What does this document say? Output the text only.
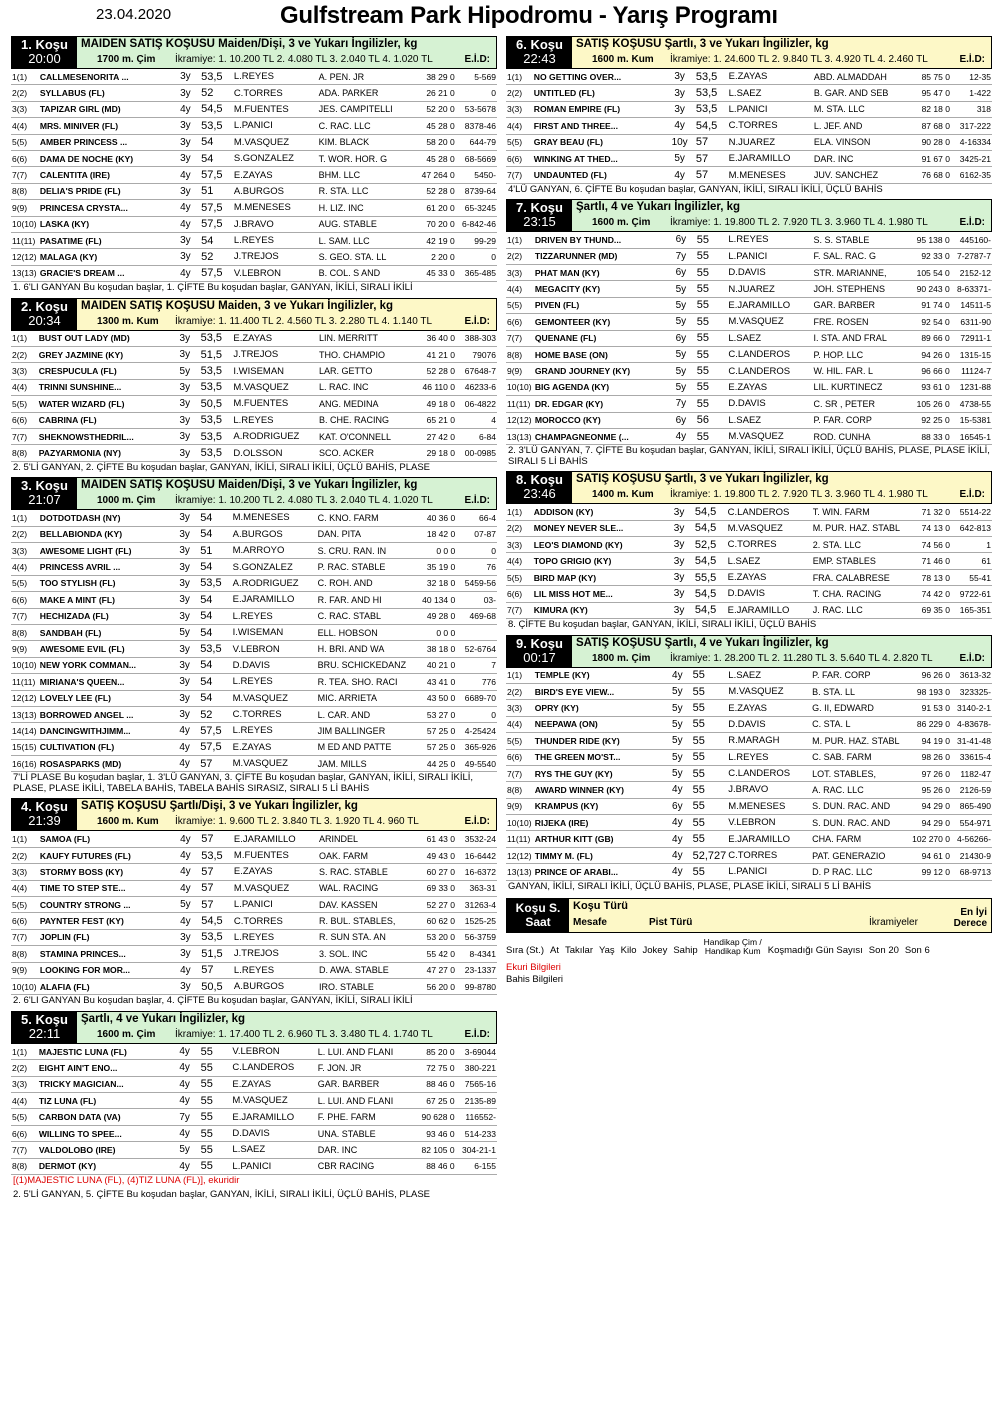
23.04.2020	Gulfstream Park Hipodromu - Yarış Programı
1. Koşu
20:00
MAIDEN SATIŞ KOŞUSU Maiden/Dişi, 3 ve Yukarı İngilizler, kg
1700 m. Çim İkramiye: 1. 10.200 TL 2. 4.080 TL 3. 2.040 TL 4. 1.020 TL	E.İ.D:
1(1)	CALLMESENORITA ...	3y	53,5	L.REYES	A. PEN. JR	38 29 0	5-569
2(2)	SYLLABUS (FL)	3y	52	C.TORRES	ADA. PARKER	26 21 0	0
3(3)	TAPIZAR GIRL (MD)	4y	54,5	M.FUENTES	JES. CAMPITELLI	52 20 0	53-5678
4(4)	MRS. MINIVER (FL)	3y	53,5	L.PANICI	C. RAC. LLC	45 28 0	8378-46
5(5)	AMBER PRINCESS ...	3y	54	M.VASQUEZ	KIM. BLACK	58 20 0	644-79
6(6)	DAMA DE NOCHE (KY)	3y	54	S.GONZALEZ	T. WOR. HOR. G	45 28 0	68-5669
7(7)	CALENTITA (IRE)	4y	57,5	E.ZAYAS	BHM. LLC	47 264 0	5450-
8(8)	DELIA'S PRIDE (FL)	3y	51	A.BURGOS	R. STA. LLC	52 28 0	8739-64
9(9)	PRINCESA CRYSTA...	4y	57,5	M.MENESES	H. LIZ. INC	61 20 0	65-3245
10(10)	LASKA (KY)	4y	57,5	J.BRAVO	AUG. STABLE	70 20 0	6-842-46
11(11)	PASATIME (FL)	3y	54	L.REYES	L. SAM. LLC	42 19 0	99-29
12(12)	MALAGA (KY)	3y	52	J.TREJOS	S. GEO. STA. LL	2 20 0	0
13(13)	GRACIE'S DREAM ...	4y	57,5	V.LEBRON	B. COL. S AND	45 33 0	365-485
1. 6'LI GANYAN Bu koşudan başlar, 1. ÇİFTE Bu koşudan başlar, GANYAN, İKİLİ, SIRALI İKİLİ
2. Koşu
20:34
MAIDEN SATIŞ KOŞUSU Maiden, 3 ve Yukarı İngilizler, kg
1300 m. Kum İkramiye: 1. 11.400 TL 2. 4.560 TL 3. 2.280 TL 4. 1.140 TL	E.İ.D:
1(1)	BUST OUT LADY (MD)	3y	53,5	E.ZAYAS	LIN. MERRITT	36 40 0	388-303
2(2)	GREY JAZMINE (KY)	3y	51,5	J.TREJOS	THO. CHAMPIO	41 21 0	79076
3(3)	CRESPUCULA (FL)	5y	53,5	I.WISEMAN	LAR. GETTO	52 28 0	67648-7
4(4)	TRINNI SUNSHINE...	3y	53,5	M.VASQUEZ	L. RAC. INC	46 110 0	46233-6
5(5)	WATER WIZARD (FL)	3y	50,5	M.FUENTES	ANG. MEDINA	49 18 0	06-4822
6(6)	CABRINA (FL)	3y	53,5	L.REYES	B. CHE. RACING	65 21 0	4
7(7)	SHEKNOWSTHEDRIL...	3y	53,5	A.RODRIGUEZ	KAT. O'CONNELL	27 42 0	6-84
8(8)	PAZYARMONIA (NY)	3y	53,5	D.OLSSON	SCO. ACKER	29 18 0	00-0985
2. 5'Lİ GANYAN, 2. ÇİFTE Bu koşudan başlar, GANYAN, İKİLİ, SIRALI İKİLİ, ÜÇLÜ BAHİS, PLASE
3. Koşu
21:07
MAIDEN SATIŞ KOŞUSU Maiden/Dişi, 3 ve Yukarı İngilizler, kg
1000 m. Çim İkramiye: 1. 10.200 TL 2. 4.080 TL 3. 2.040 TL 4. 1.020 TL	E.İ.D:
1(1)	DOTDOTDASH (NY)	3y	54	M.MENESES	C. KNO. FARM	40 36 0	66-4
2(2)	BELLABIONDA (KY)	3y	54	A.BURGOS	DAN. PITA	18 42 0	07-87
3(3)	AWESOME LIGHT (FL)	3y	51	M.ARROYO	S. CRU. RAN. IN	0 0 0	0
4(4)	PRINCESS AVRIL ...	3y	54	S.GONZALEZ	P. RAC. STABLE	35 19 0	76
5(5)	TOO STYLISH (FL)	3y	53,5	A.RODRIGUEZ	C. ROH. AND	32 18 0	5459-56
6(6)	MAKE A MINT (FL)	3y	54	E.JARAMILLO	R. FAR. AND HI	40 134 0	03-
7(7)	HECHIZADA (FL)	3y	54	L.REYES	C. RAC. STABL	49 28 0	469-68
8(8)	SANDBAH (FL)	5y	54	I.WISEMAN	ELL. HOBSON	0 0 0	
9(9)	AWESOME EVIL (FL)	3y	53,5	V.LEBRON	H. BRI. AND WA	38 18 0	52-6764
10(10)	NEW YORK COMMAN...	3y	54	D.DAVIS	BRU. SCHICKEDANZ	40 21 0	7
11(11)	MIRIANA'S QUEEN...	3y	54	L.REYES	R. TEA. SHO. RACI	43 41 0	776
12(12)	LOVELY LEE (FL)	3y	54	M.VASQUEZ	MIC. ARRIETA	43 50 0	6689-70
13(13)	BORROWED ANGEL ...	3y	52	C.TORRES	L. CAR. AND	53 27 0	0
14(14)	DANCINGWITHJIMM...	4y	57,5	L.REYES	JIM BALLINGER	57 25 0	4-25424
15(15)	CULTIVATION (FL)	4y	57,5	E.ZAYAS	M ED AND PATTE	57 25 0	365-926
16(16)	ROSASPARKS (MD)	4y	57	M.VASQUEZ	JAM. MILLS	44 25 0	49-5540
7'Lİ PLASE Bu koşudan başlar, 1. 3'LÜ GANYAN, 3. ÇİFTE Bu koşudan başlar, GANYAN, İKİLİ, SIRALI İKİLİ, PLASE, PLASE İKİLİ, TABELA BAHİS, TABELA BAHİS SIRASIZ, SIRALI 5 Lİ BAHİS
4. Koşu
21:39
SATIŞ KOŞUSU Şartlı/Dişi, 3 ve Yukarı İngilizler, kg
1600 m. Kum İkramiye: 1. 9.600 TL 2. 3.840 TL 3. 1.920 TL 4. 960 TL	E.İ.D:
1(1)	SAMOA (FL)	4y	57	E.JARAMILLO	ARINDEL	61 43 0	3532-24
2(2)	KAUFY FUTURES (FL)	4y	53,5	M.FUENTES	OAK. FARM	49 43 0	16-6442
3(3)	STORMY BOSS (KY)	4y	57	E.ZAYAS	S. RAC. STABLE	60 27 0	16-6372
4(4)	TIME TO STEP STE...	4y	57	M.VASQUEZ	WAL. RACING	69 33 0	363-31
5(5)	COUNTRY STRONG ...	5y	57	L.PANICI	DAV. KASSEN	52 27 0	31263-4
6(6)	PAYNTER FEST (KY)	4y	54,5	C.TORRES	R. BUL. STABLES,	60 62 0	1525-25
7(7)	JOPLIN (FL)	3y	53,5	L.REYES	R. SUN STA. AN	53 20 0	56-3759
8(8)	STAMINA PRINCES...	3y	51,5	J.TREJOS	3. SOL. INC	55 42 0	8-4341
9(9)	LOOKING FOR MOR...	4y	57	L.REYES	D. AWA. STABLE	47 27 0	23-1337
10(10)	ALAFIA (FL)	3y	50,5	A.BURGOS	IRO. STABLE	56 20 0	99-8780
2. 6'LI GANYAN Bu koşudan başlar, 4. ÇİFTE Bu koşudan başlar, GANYAN, İKİLİ, SIRALI İKİLİ
5. Koşu
22:11
Şartlı, 4 ve Yukarı İngilizler, kg
1600 m. Çim İkramiye: 1. 17.400 TL 2. 6.960 TL 3. 3.480 TL 4. 1.740 TL	E.İ.D:
1(1)	MAJESTIC LUNA (FL)	4y	55	V.LEBRON	L. LUI. AND FLANI	85 20 0	3-69044
2(2)	EIGHT AIN'T ENO...	4y	55	C.LANDEROS	F. JON. JR	72 75 0	380-221
3(3)	TRICKY MAGICIAN...	4y	55	E.ZAYAS	GAR. BARBER	88 46 0	7565-16
4(4)	TIZ LUNA (FL)	4y	55	M.VASQUEZ	L. LUI. AND FLANI	67 25 0	2135-89
5(5)	CARBON DATA (VA)	7y	55	E.JARAMILLO	F. PHE. FARM	90 628 0	116552-
6(6)	WILLING TO SPEE...	4y	55	D.DAVIS	UNA. STABLE	93 46 0	514-233
7(7)	VALDOLOBO (IRE)	5y	55	L.SAEZ	DAR. INC	82 105 0	304-21-1
8(8)	DERMOT (KY)	4y	55	L.PANICI	CBR RACING	88 46 0	6-155
[(1)MAJESTIC LUNA (FL), (4)TIZ LUNA (FL)], ekuridir
2. 5'Lİ GANYAN, 5. ÇİFTE Bu koşudan başlar, GANYAN, İKİLİ, SIRALI İKİLİ, ÜÇLÜ BAHİS, PLASE
6. Koşu
22:43
SATIŞ KOŞUSU Şartlı, 3 ve Yukarı İngilizler, kg
1600 m. Kum İkramiye: 1. 24.600 TL 2. 9.840 TL 3. 4.920 TL 4. 2.460 TL	E.İ.D:
1(1)	NO GETTING OVER...	3y	53,5	E.ZAYAS	ABD. ALMADDAH	85 75 0	12-35
2(2)	UNTITLED (FL)	3y	53,5	L.SAEZ	B. GAR. AND SEB	95 47 0	1-422
3(3)	ROMAN EMPIRE (FL)	3y	53,5	L.PANICI	M. STA. LLC	82 18 0	318
4(4)	FIRST AND THREE...	4y	54,5	C.TORRES	L. JEF. AND	87 68 0	317-222
5(5)	GRAY BEAU (FL)	10y	57	N.JUAREZ	ELA. VINSON	90 28 0	4-16334
6(6)	WINKING AT THED...	5y	57	E.JARAMILLO	DAR. INC	91 67 0	3425-21
7(7)	UNDAUNTED (FL)	4y	57	M.MENESES	JUV. SANCHEZ	76 68 0	6162-35
4'LÜ GANYAN, 6. ÇİFTE Bu koşudan başlar, GANYAN, İKİLİ, SIRALI İKİLİ, ÜÇLÜ BAHİS
7. Koşu
23:15
Şartlı, 4 ve Yukarı İngilizler, kg
1600 m. Çim İkramiye: 1. 19.800 TL 2. 7.920 TL 3. 3.960 TL 4. 1.980 TL	E.İ.D:
1(1)	DRIVEN BY THUND...	6y	55	L.REYES	S. S. STABLE	95 138 0	445160-
2(2)	TIZZARUNNER (MD)	7y	55	L.PANICI	F. SAL. RAC. G	92 33 0	7-2787-7
3(3)	PHAT MAN (KY)	6y	55	D.DAVIS	STR. MARIANNE,	105 54 0	2152-12
4(4)	MEGACITY (KY)	5y	55	N.JUAREZ	JOH. STEPHENS	90 243 0	8-63371-
5(5)	PIVEN (FL)	5y	55	E.JARAMILLO	GAR. BARBER	91 74 0	14511-5
6(6)	GEMONTEER (KY)	5y	55	M.VASQUEZ	FRE. ROSEN	92 54 0	6311-90
7(7)	QUENANE (FL)	6y	55	L.SAEZ	I. STA. AND FRAL	89 66 0	72911-1
8(8)	HOME BASE (ON)	5y	55	C.LANDEROS	P. HOP. LLC	94 26 0	1315-15
9(9)	GRAND JOURNEY (KY)	5y	55	C.LANDEROS	W. HIL. FAR. L	96 66 0	11124-7
10(10)	BIG AGENDA (KY)	5y	55	E.ZAYAS	LIL. KURTINECZ	93 61 0	1231-88
11(11)	DR. EDGAR (KY)	7y	55	D.DAVIS	C. SR , PETER	105 26 0	4738-55
12(12)	MOROCCO (KY)	6y	56	L.SAEZ	P. FAR. CORP	92 25 0	15-5381
13(13)	CHAMPAGNEONME (...	4y	55	M.VASQUEZ	ROD. CUNHA	88 33 0	16545-1
2. 3'LÜ GANYAN, 7. ÇİFTE Bu koşudan başlar, GANYAN, İKİLİ, SIRALI İKİLİ, ÜÇLÜ BAHİS, PLASE, PLASE İKİLİ, SIRALI 5 Lİ BAHİS
8. Koşu
23:46
SATIŞ KOŞUSU Şartlı, 3 ve Yukarı İngilizler, kg
1400 m. Kum İkramiye: 1. 19.800 TL 2. 7.920 TL 3. 3.960 TL 4. 1.980 TL	E.İ.D:
1(1)	ADDISON (KY)	3y	54,5	C.LANDEROS	T. WIN. FARM	71 32 0	5514-22
2(2)	MONEY NEVER SLE...	3y	54,5	M.VASQUEZ	M. PUR. HAZ. STABL	74 13 0	642-813
3(3)	LEO'S DIAMOND (KY)	3y	52,5	C.TORRES	2. STA. LLC	74 56 0	1
4(4)	TOPO GRIGIO (KY)	3y	54,5	L.SAEZ	EMP. STABLES	71 46 0	61
5(5)	BIRD MAP (KY)	3y	55,5	E.ZAYAS	FRA. CALABRESE	78 13 0	55-41
6(6)	LIL MISS HOT ME...	3y	54,5	D.DAVIS	T. CHA. RACING	74 42 0	9722-61
7(7)	KIMURA (KY)	3y	54,5	E.JARAMILLO	J. RAC. LLC	69 35 0	165-351
8. ÇİFTE Bu koşudan başlar, GANYAN, İKİLİ, SIRALI İKİLİ, ÜÇLÜ BAHİS
9. Koşu
00:17
SATIŞ KOŞUSU Şartlı, 4 ve Yukarı İngilizler, kg
1800 m. Çim İkramiye: 1. 28.200 TL 2. 11.280 TL 3. 5.640 TL 4. 2.820 TL	E.İ.D:
1(1)	TEMPLE (KY)	4y	55	L.SAEZ	P. FAR. CORP	96 26 0	3613-32
2(2)	BIRD'S EYE VIEW...	5y	55	M.VASQUEZ	B. STA. LL	98 193 0	323325-
3(3)	OPRY (KY)	5y	55	E.ZAYAS	G. II, EDWARD	91 53 0	3140-2-1
4(4)	NEEPAWA (ON)	5y	55	D.DAVIS	C. STA. L	86 229 0	4-83678-
5(5)	THUNDER RIDE (KY)	5y	55	R.MARAGH	M. PUR. HAZ. STABL	94 19 0	31-41-48
6(6)	THE GREEN MO'ST...	5y	55	L.REYES	C. SAB. FARM	98 26 0	33615-4
7(7)	RYS THE GUY (KY)	5y	55	C.LANDEROS	LOT. STABLES,	97 26 0	1182-47
8(8)	AWARD WINNER (KY)	4y	55	J.BRAVO	A. RAC. LLC	95 26 0	2126-59
9(9)	KRAMPUS (KY)	6y	55	M.MENESES	S. DUN. RAC. AND	94 29 0	865-490
10(10)	RIJEKA (IRE)	4y	55	V.LEBRON	S. DUN. RAC. AND	94 29 0	554-971
11(11)	ARTHUR KITT (GB)	4y	55	E.JARAMILLO	CHA. FARM	102 270 0	4-56266-
12(12)	TIMMY M. (FL)	4y	52,727	C.TORRES	PAT. GENERAZIO	94 61 0	21430-9
13(13)	PRINCE OF ARABI...	4y	55	L.PANICI	D. P RAC. LLC	99 12 0	68-9713
GANYAN, İKİLİ, SIRALI İKİLİ, ÜÇLÜ BAHİS, PLASE, PLASE İKİLİ, SIRALI 5 Lİ BAHİS
Koşu S.
Saat
Koşu Türü
Mesafe	Pist Türü	İkramiyeler
En İyi
Derece
Sıra (St.) At Takılar Yaş Kilo Jokey Sahip
Handikap Çim /
Handikap Kum Koşmadığı Gün Sayısı Son 20 Son 6
Ekuri Bilgileri
Bahis Bilgileri
